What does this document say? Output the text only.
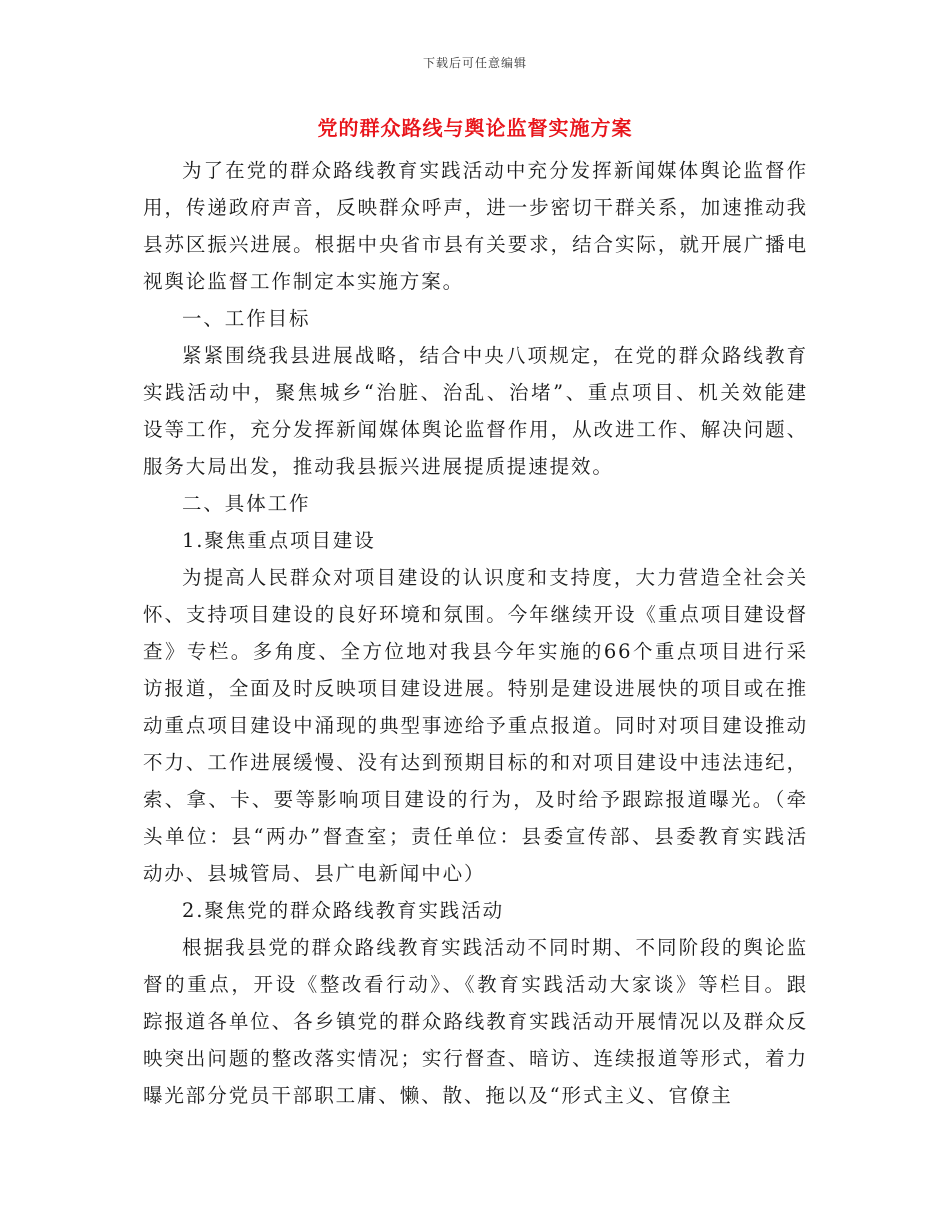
下载后可任意编辑
党的群众路线与舆论监督实施方案

为了在党的群众路线教育实践活动中充分发挥新闻媒体舆论监督作用，传递政府声音，反映群众呼声，进一步密切干群关系，加速推动我县苏区振兴进展。根据中央省市县有关要求，结合实际，就开展广播电视舆论监督工作制定本实施方案。

一、工作目标

紧紧围绕我县进展战略，结合中央八项规定，在党的群众路线教育实践活动中，聚焦城乡“治脏、治乱、治堵”、重点项目、机关效能建设等工作，充分发挥新闻媒体舆论监督作用，从改进工作、解决问题、服务大局出发，推动我县振兴进展提质提速提效。

二、具体工作

1.聚焦重点项目建设

为提高人民群众对项目建设的认识度和支持度，大力营造全社会关怀、支持项目建设的良好环境和氛围。今年继续开设《重点项目建设督查》专栏。多角度、全方位地对我县今年实施的66个重点项目进行采访报道，全面及时反映项目建设进展。特别是建设进展快的项目或在推动重点项目建设中涌现的典型事迹给予重点报道。同时对项目建设推动不力、工作进展缓慢、没有达到预期目标的和对项目建设中违法违纪，索、拿、卡、要等影响项目建设的行为，及时给予跟踪报道曝光。（牵头单位：县“两办”督查室；责任单位：县委宣传部、县委教育实践活动办、县城管局、县广电新闻中心）

2.聚焦党的群众路线教育实践活动

根据我县党的群众路线教育实践活动不同时期、不同阶段的舆论监督的重点，开设《整改看行动》、《教育实践活动大家谈》等栏目。跟踪报道各单位、各乡镇党的群众路线教育实践活动开展情况以及群众反映突出问题的整改落实情况；实行督查、暗访、连续报道等形式，着力曝光部分党员干部职工庸、懒、散、拖以及“形式主义、官僚主
